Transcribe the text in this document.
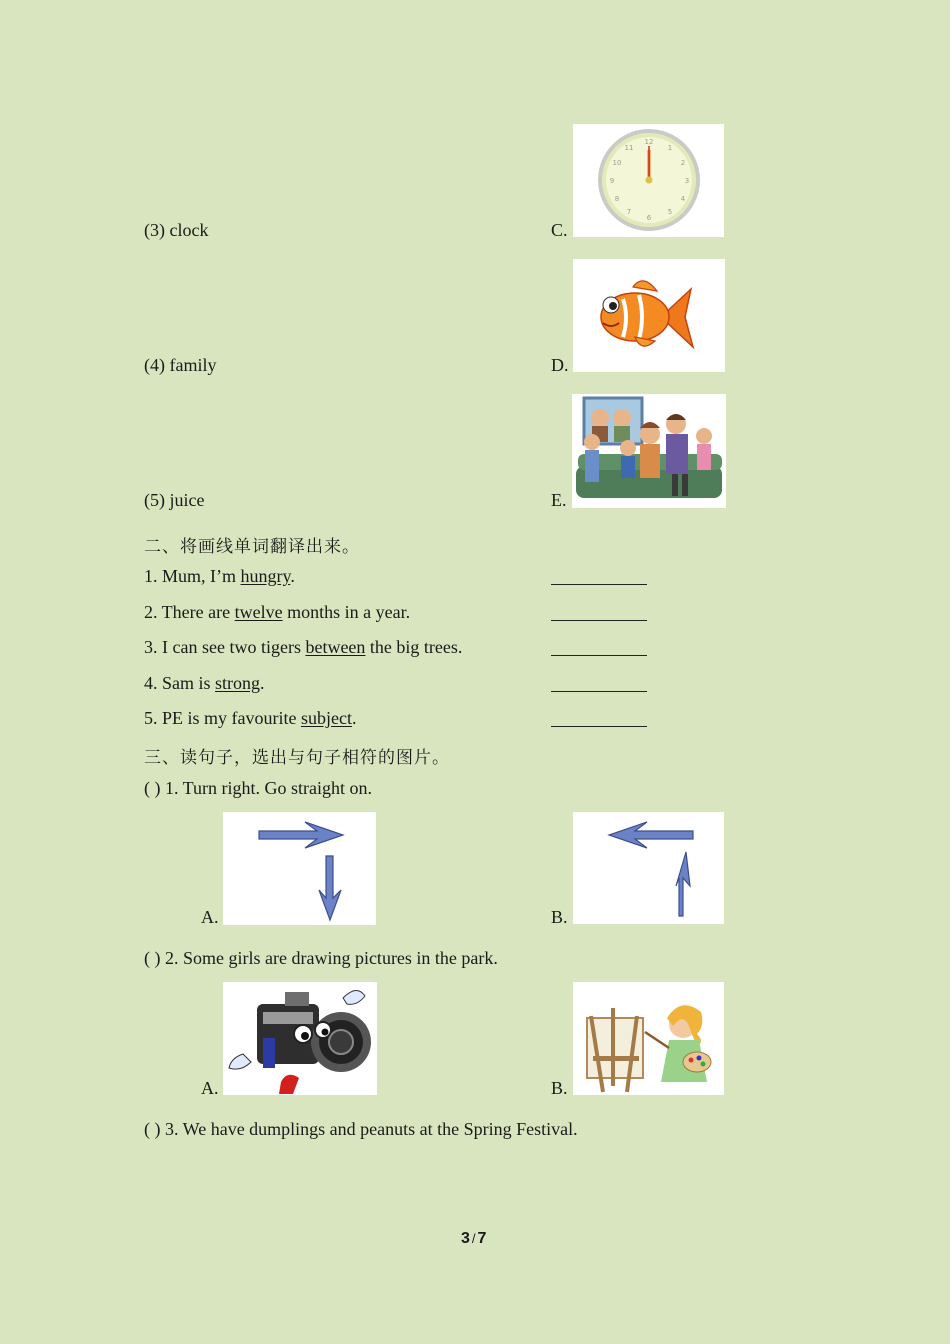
12
1
2
3
4
5
6
7
8
9
10
11
(3) clock	C.
(4) family	D.
(5) juice	E.
二、将画线单词翻译出来。
1. Mum, I’m hungry.
2. There are twelve months in a year.
3. I can see two tigers between the big trees.
4. Sam is strong.
5. PE is my favourite subject.
三、读句子，选出与句子相符的图片。
( ) 1. Turn right. Go straight on.
A.	B.
( ) 2. Some girls are drawing pictures in the park.
A.	B.
( ) 3. We have dumplings and peanuts at the Spring Festival.
3 / 7
